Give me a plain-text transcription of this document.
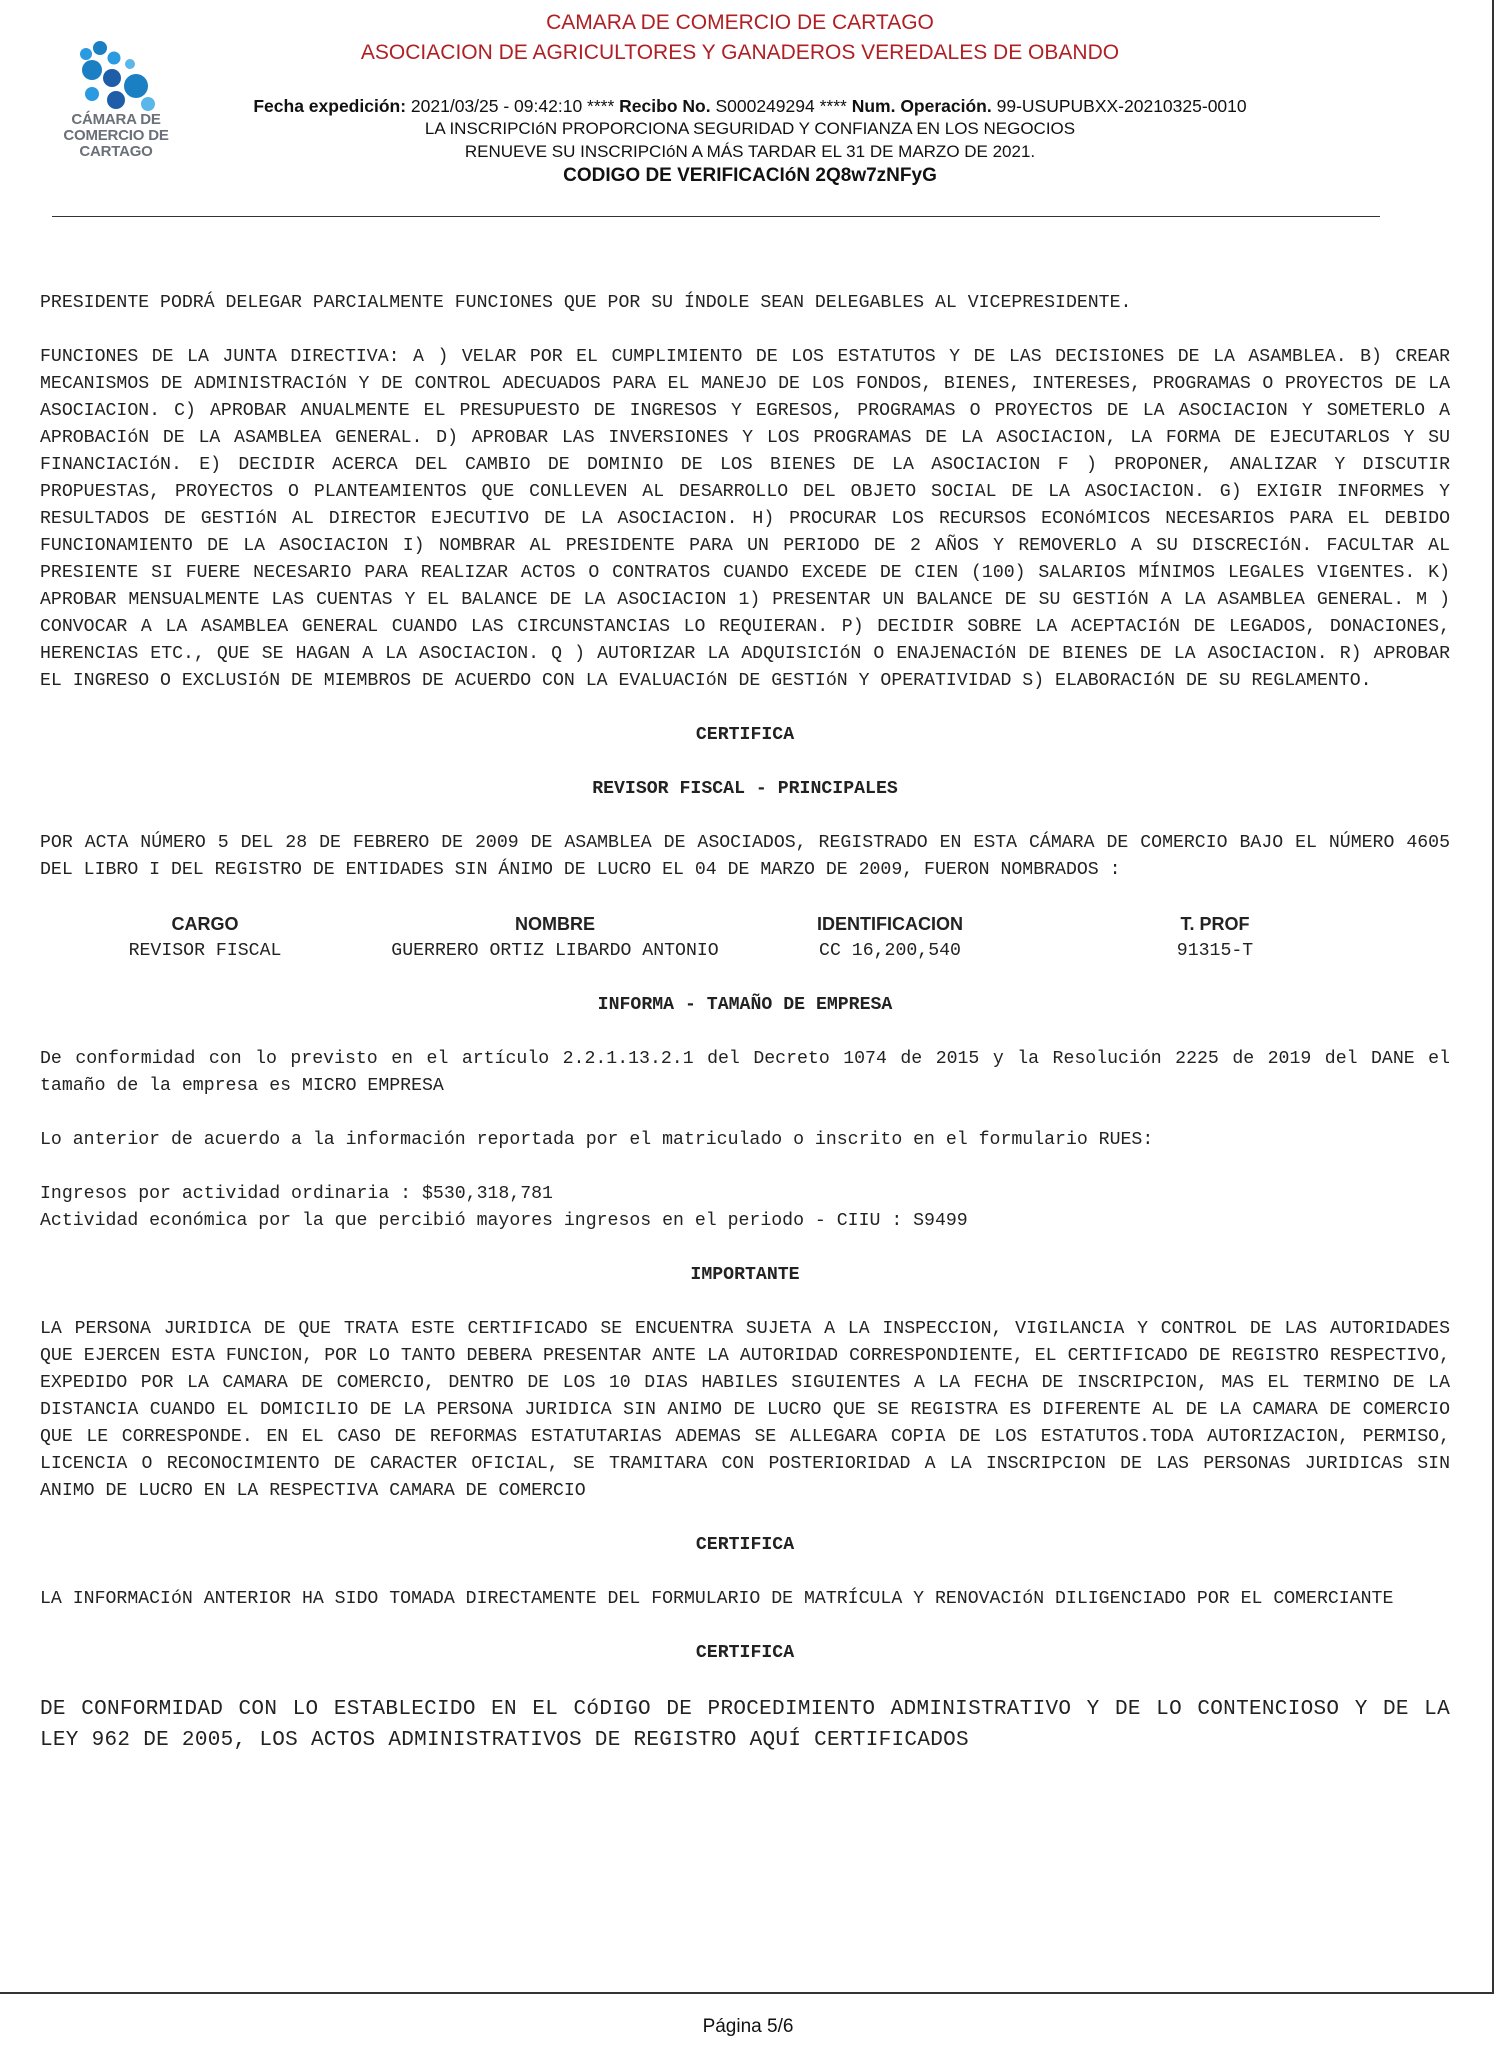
CÁMARA DE COMERCIO DE CARTAGO
CAMARA DE COMERCIO DE CARTAGO
ASOCIACION DE AGRICULTORES Y GANADEROS VEREDALES DE OBANDO
Fecha expedición: 2021/03/25 - 09:42:10 **** Recibo No. S000249294 **** Num. Operación. 99-USUPUBXX-20210325-0010
LA INSCRIPCIóN PROPORCIONA SEGURIDAD Y CONFIANZA EN LOS NEGOCIOS
RENUEVE SU INSCRIPCIóN A MÁS TARDAR EL 31 DE MARZO DE 2021.
CODIGO DE VERIFICACIóN 2Q8w7zNFyG

PRESIDENTE PODRÁ DELEGAR PARCIALMENTE FUNCIONES QUE POR SU ÍNDOLE SEAN DELEGABLES AL VICEPRESIDENTE.

FUNCIONES DE LA JUNTA DIRECTIVA: A ) VELAR POR EL CUMPLIMIENTO DE LOS ESTATUTOS Y DE LAS DECISIONES DE LA ASAMBLEA. B) CREAR MECANISMOS DE ADMINISTRACIóN Y DE CONTROL ADECUADOS PARA EL MANEJO DE LOS FONDOS, BIENES, INTERESES, PROGRAMAS O PROYECTOS DE LA ASOCIACION. C) APROBAR ANUALMENTE EL PRESUPUESTO DE INGRESOS Y EGRESOS, PROGRAMAS O PROYECTOS DE LA ASOCIACION Y SOMETERLO A APROBACIóN DE LA ASAMBLEA GENERAL. D) APROBAR LAS INVERSIONES Y LOS PROGRAMAS DE LA ASOCIACION, LA FORMA DE EJECUTARLOS Y SU FINANCIACIóN. E) DECIDIR ACERCA DEL CAMBIO DE DOMINIO DE LOS BIENES DE LA ASOCIACION F ) PROPONER, ANALIZAR Y DISCUTIR PROPUESTAS, PROYECTOS O PLANTEAMIENTOS QUE CONLLEVEN AL DESARROLLO DEL OBJETO SOCIAL DE LA ASOCIACION. G) EXIGIR INFORMES Y RESULTADOS DE GESTIóN AL DIRECTOR EJECUTIVO DE LA ASOCIACION. H) PROCURAR LOS RECURSOS ECONóMICOS NECESARIOS PARA EL DEBIDO FUNCIONAMIENTO DE LA ASOCIACION I) NOMBRAR AL PRESIDENTE PARA UN PERIODO DE 2 AÑOS Y REMOVERLO A SU DISCRECIóN. FACULTAR AL PRESIENTE SI FUERE NECESARIO PARA REALIZAR ACTOS O CONTRATOS CUANDO EXCEDE DE CIEN (100) SALARIOS MÍNIMOS LEGALES VIGENTES. K) APROBAR MENSUALMENTE LAS CUENTAS Y EL BALANCE DE LA ASOCIACION 1) PRESENTAR UN BALANCE DE SU GESTIóN A LA ASAMBLEA GENERAL. M ) CONVOCAR A LA ASAMBLEA GENERAL CUANDO LAS CIRCUNSTANCIAS LO REQUIERAN. P) DECIDIR SOBRE LA ACEPTACIóN DE LEGADOS, DONACIONES, HERENCIAS ETC., QUE SE HAGAN A LA ASOCIACION. Q ) AUTORIZAR LA ADQUISICIóN O ENAJENACIóN DE BIENES DE LA ASOCIACION. R) APROBAR EL INGRESO O EXCLUSIóN DE MIEMBROS DE ACUERDO CON LA EVALUACIóN DE GESTIóN Y OPERATIVIDAD S) ELABORACIóN DE SU REGLAMENTO.

CERTIFICA

REVISOR FISCAL - PRINCIPALES

POR ACTA NÚMERO 5 DEL 28 DE FEBRERO DE 2009 DE ASAMBLEA DE ASOCIADOS, REGISTRADO EN ESTA CÁMARA DE COMERCIO BAJO EL NÚMERO 4605 DEL LIBRO I DEL REGISTRO DE ENTIDADES SIN ÁNIMO DE LUCRO EL 04 DE MARZO DE 2009, FUERON NOMBRADOS :

CARGO	NOMBRE	IDENTIFICACION	T. PROF
REVISOR FISCAL	GUERRERO ORTIZ LIBARDO ANTONIO	CC 16,200,540	91315-T

INFORMA - TAMAÑO DE EMPRESA

De conformidad con lo previsto en el artículo 2.2.1.13.2.1 del Decreto 1074 de 2015 y la Resolución 2225 de 2019 del DANE el tamaño de la empresa es MICRO EMPRESA

Lo anterior de acuerdo a la información reportada por el matriculado o inscrito en el formulario RUES:

Ingresos por actividad ordinaria : $530,318,781

Actividad económica por la que percibió mayores ingresos en el periodo - CIIU : S9499

IMPORTANTE

LA PERSONA JURIDICA DE QUE TRATA ESTE CERTIFICADO SE ENCUENTRA SUJETA A LA INSPECCION, VIGILANCIA Y CONTROL DE LAS AUTORIDADES QUE EJERCEN ESTA FUNCION, POR LO TANTO DEBERA PRESENTAR ANTE LA AUTORIDAD CORRESPONDIENTE, EL CERTIFICADO DE REGISTRO RESPECTIVO, EXPEDIDO POR LA CAMARA DE COMERCIO, DENTRO DE LOS 10 DIAS HABILES SIGUIENTES A LA FECHA DE INSCRIPCION, MAS EL TERMINO DE LA DISTANCIA CUANDO EL DOMICILIO DE LA PERSONA JURIDICA SIN ANIMO DE LUCRO QUE SE REGISTRA ES DIFERENTE AL DE LA CAMARA DE COMERCIO QUE LE CORRESPONDE. EN EL CASO DE REFORMAS ESTATUTARIAS ADEMAS SE ALLEGARA COPIA DE LOS ESTATUTOS.TODA AUTORIZACION, PERMISO, LICENCIA O RECONOCIMIENTO DE CARACTER OFICIAL, SE TRAMITARA CON POSTERIORIDAD A LA INSCRIPCION DE LAS PERSONAS JURIDICAS SIN ANIMO DE LUCRO EN LA RESPECTIVA CAMARA DE COMERCIO

CERTIFICA

LA INFORMACIóN ANTERIOR HA SIDO TOMADA DIRECTAMENTE DEL FORMULARIO DE MATRÍCULA Y RENOVACIóN DILIGENCIADO POR EL COMERCIANTE

CERTIFICA

DE CONFORMIDAD CON LO ESTABLECIDO EN EL CóDIGO DE PROCEDIMIENTO ADMINISTRATIVO Y DE LO CONTENCIOSO Y DE LA LEY 962 DE 2005, LOS ACTOS ADMINISTRATIVOS DE REGISTRO AQUÍ CERTIFICADOS

Página 5/6
